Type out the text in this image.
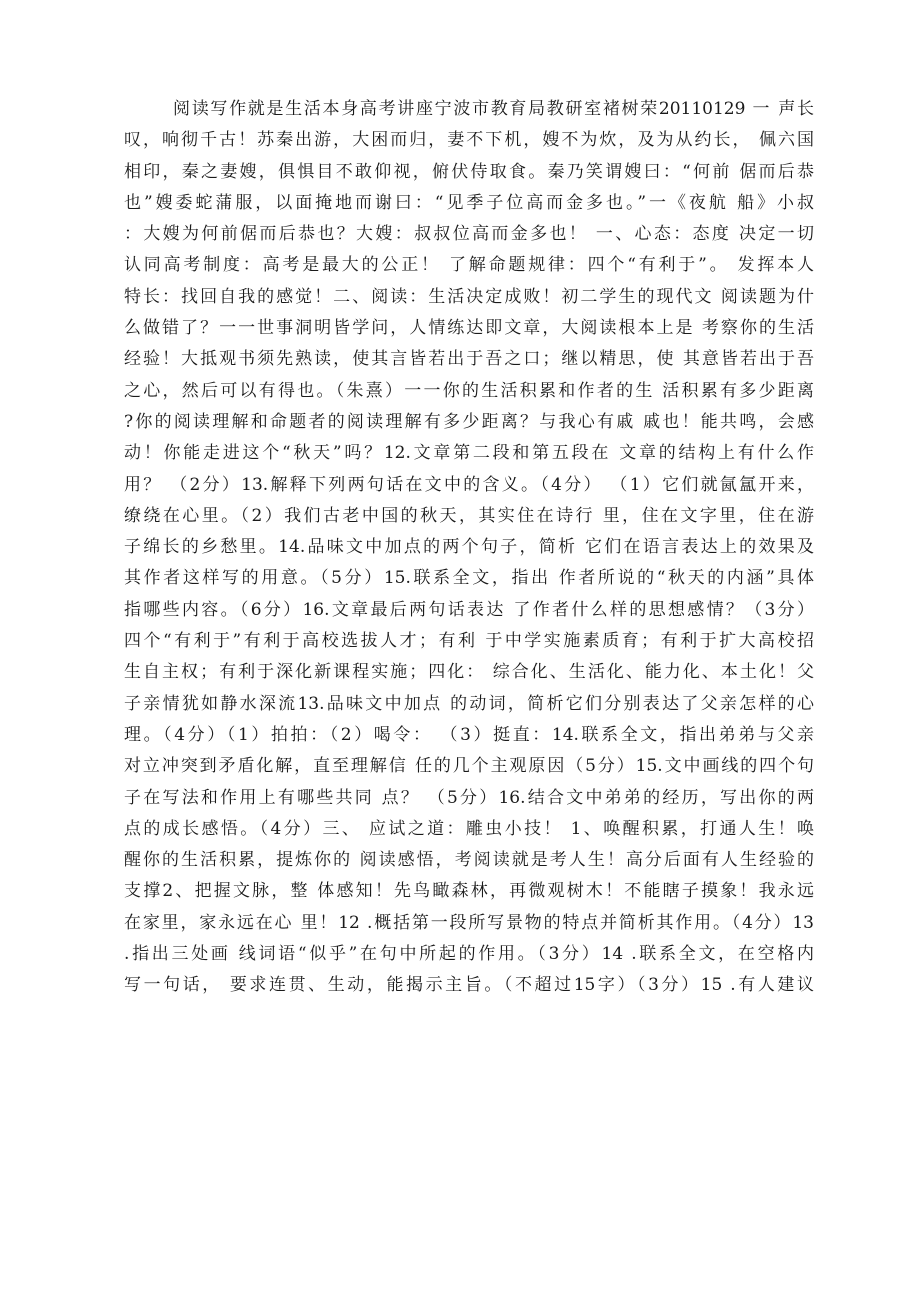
阅读写作就是生活本身高考讲座宁波市教育局教研室褚树荣20110129 一 声长
叹，响彻千古！苏秦出游，大困而归，妻不下机，嫂不为炊，及为从约长， 佩六国
相印，秦之妻嫂，俱惧目不敢仰视，俯伏侍取食。秦乃笑谓嫂曰：“何前 倨而后恭
也”嫂委蛇蒲服，以面掩地而谢曰：“见季子位高而金多也。”一《夜航 船》小叔
：大嫂为何前倨而后恭也？大嫂：叔叔位高而金多也！ 一、心态：态度 决定一切
认同高考制度：高考是最大的公正！ 了解命题规律：四个“有利于”。 发挥本人
特长：找回自我的感觉！二、阅读：生活决定成败！初二学生的现代文 阅读题为什
么做错了？一一世事洞明皆学问，人情练达即文章，大阅读根本上是 考察你的生活
经验！大抵观书须先熟读，使其言皆若出于吾之口；继以精思，使 其意皆若出于吾
之心，然后可以有得也。（朱熹）一一你的生活积累和作者的生 活积累有多少距离
?你的阅读理解和命题者的阅读理解有多少距离？与我心有戚 戚也！能共鸣，会感
动！你能走进这个“秋天”吗？12.文章第二段和第五段在 文章的结构上有什么作
用？ （2分）13.解释下列两句话在文中的含义。（4分） （1）它们就氤氲开来，
缭绕在心里。（2）我们古老中国的秋天，其实住在诗行 里，住在文字里，住在游
子绵长的乡愁里。14.品味文中加点的两个句子，简析 它们在语言表达上的效果及
其作者这样写的用意。（5分）15.联系全文，指出 作者所说的“秋天的内涵”具体
指哪些内容。（6分）16.文章最后两句话表达 了作者什么样的思想感情？（3分）
四个“有利于”有利于高校选拔人才；有利 于中学实施素质育；有利于扩大高校招
生自主权；有利于深化新课程实施；四化： 综合化、生活化、能力化、本土化！父
子亲情犹如静水深流13.品味文中加点 的动词，简析它们分别表达了父亲怎样的心
理。（4分）（1）拍拍：（2）喝令： （3）挺直：14.联系全文，指出弟弟与父亲
对立冲突到矛盾化解，直至理解信 任的几个主观原因（5分）15.文中画线的四个句
子在写法和作用上有哪些共同 点？ （5分）16.结合文中弟弟的经历，写出你的两
点的成长感悟。（4分）三、 应试之道：雕虫小技！ 1、唤醒积累，打通人生！唤
醒你的生活积累，提炼你的 阅读感悟，考阅读就是考人生！高分后面有人生经验的
支撑2、把握文脉，整 体感知！先鸟瞰森林，再微观树木！不能瞎子摸象！我永远
在家里，家永远在心 里！12 .概括第一段所写景物的特点并简析其作用。（4分）13
.指出三处画 线词语“似乎”在句中所起的作用。（3分）14 .联系全文，在空格内
写一句话， 要求连贯、生动，能揭示主旨。（不超过15字）（3分）15 .有人建议
